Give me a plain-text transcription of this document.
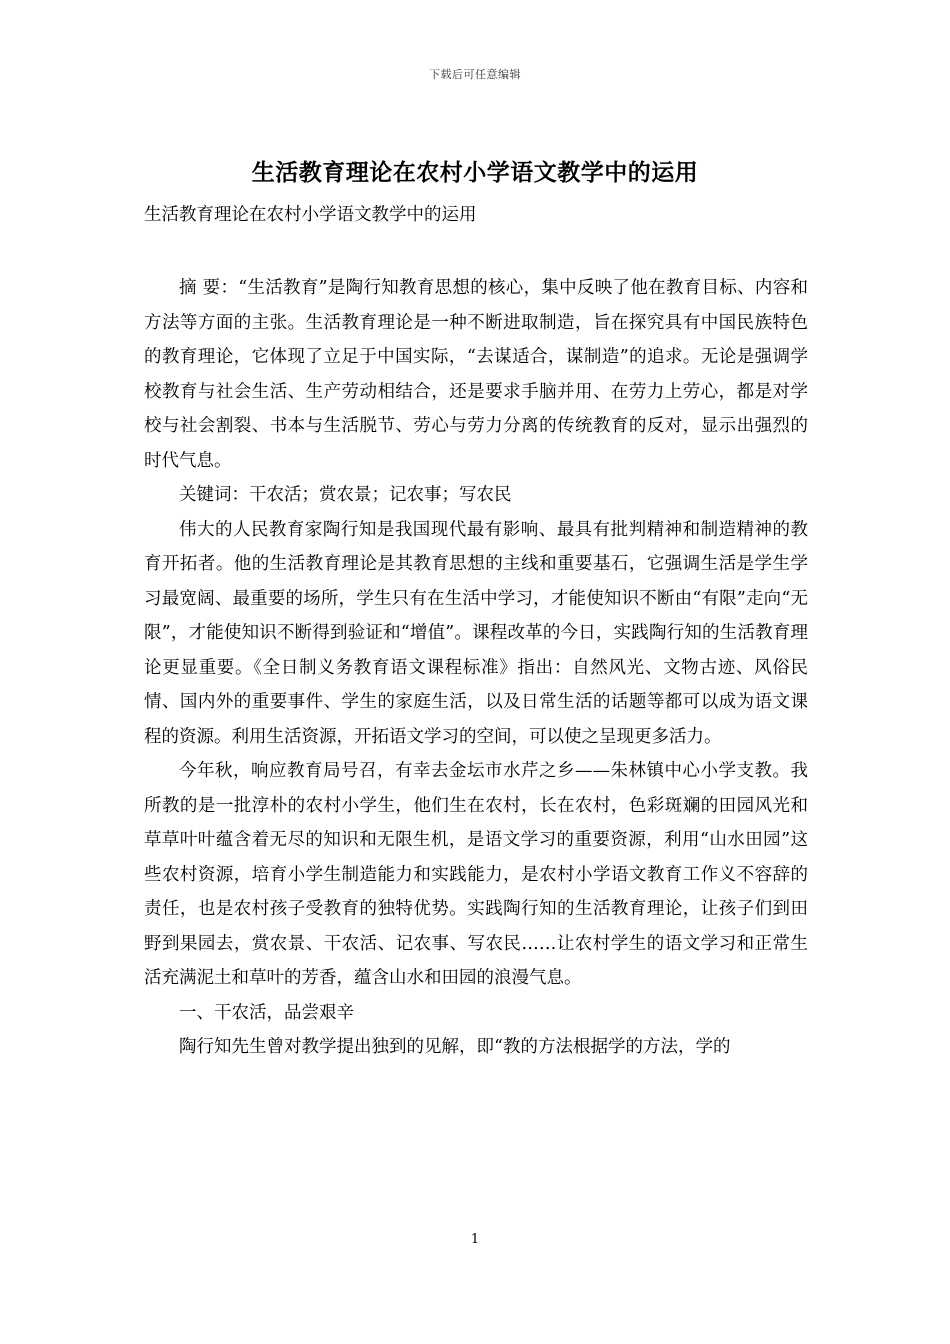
下载后可任意编辑
生活教育理论在农村小学语文教学中的运用
生活教育理论在农村小学语文教学中的运用

摘 要：“生活教育”是陶行知教育思想的核心，集中反映了他在教育目标、内容和方法等方面的主张。生活教育理论是一种不断进取制造，旨在探究具有中国民族特色的教育理论，它体现了立足于中国实际，“去谋适合，谋制造”的追求。无论是强调学校教育与社会生活、生产劳动相结合，还是要求手脑并用、在劳力上劳心，都是对学校与社会割裂、书本与生活脱节、劳心与劳力分离的传统教育的反对，显示出强烈的时代气息。

关键词：干农活；赏农景；记农事；写农民

伟大的人民教育家陶行知是我国现代最有影响、最具有批判精神和制造精神的教育开拓者。他的生活教育理论是其教育思想的主线和重要基石，它强调生活是学生学习最宽阔、最重要的场所，学生只有在生活中学习，才能使知识不断由“有限”走向“无限”，才能使知识不断得到验证和“增值”。课程改革的今日，实践陶行知的生活教育理论更显重要。《全日制义务教育语文课程标准》指出：自然风光、文物古迹、风俗民情、国内外的重要事件、学生的家庭生活，以及日常生活的话题等都可以成为语文课程的资源。利用生活资源，开拓语文学习的空间，可以使之呈现更多活力。

今年秋，响应教育局号召，有幸去金坛市水芹之乡——朱林镇中心小学支教。我所教的是一批淳朴的农村小学生，他们生在农村，长在农村，色彩斑斓的田园风光和草草叶叶蕴含着无尽的知识和无限生机，是语文学习的重要资源，利用“山水田园”这些农村资源，培育小学生制造能力和实践能力，是农村小学语文教育工作义不容辞的责任，也是农村孩子受教育的独特优势。实践陶行知的生活教育理论，让孩子们到田野到果园去，赏农景、干农活、记农事、写农民……让农村学生的语文学习和正常生活充满泥土和草叶的芳香，蕴含山水和田园的浪漫气息。

一、干农活，品尝艰辛

陶行知先生曾对教学提出独到的见解，即“教的方法根据学的方法，学的

1
